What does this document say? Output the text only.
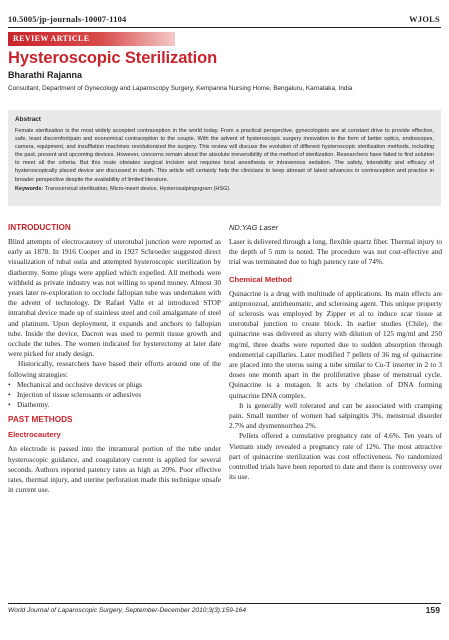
10.5005/jp-journals-10007-1104	WJOLS
REVIEW ARTICLE
Hysteroscopic Sterilization
Bharathi Rajanna
Consultant, Department of Gynecology and Laparoscopy Surgery, Kempanna Nursing Home, Bengaluru, Karnataka, India
Abstract
Female sterilization is the most widely accepted contraception in the world today. From a practical perspective, gynecologists are at constant drive to provide effective, safe, least discomfort/pain and economical contraception to the couple. With the advent of hysteroscopic surgery innovation in the form of better optics, endoscopes, camera, equipment, and insufflation machines revolutionized the surgery. This review will discuss the evolution of different hysteroscopic sterilization methods, including the past, present and upcoming devices. However, concerns remain about the absolute irreversibility of the method of sterilization. Researchers have failed to find solution to meet all the criteria. But this route obviates surgical incision and requires local anesthesia or intravenous sedation. The safety, tolerability and efficacy of hysteroscopically placed device are discussed in depth. This article will certainly help the clinicians to keep abreast of latest advances in contraception and practice in broader perspective despite the availability of limited literature.
Keywords: Transcervical sterilization, Micro-insert device, Hysterosalpingogram (HSG).
INTRODUCTION

Blind attempts of electrocautery of uterotubal junction were reported as early as 1878. In 1916 Cooper and in 1927 Schroeder suggested direct visualization of tubal ostia and attempted hysteroscopic sterilization by diathermy. Some plugs were applied which expelled. All methods were withheld as private industry was not willing to spend money. Almost 30 years later re-exploration to occlude fallopian tube was undertaken with the advent of technology. Dr Rafael Valle et al introduced STOP intratubal device made up of stainless steel and coil amalgamate of steel and platinum. Upon deployment, it expands and anchors to fallopian tube. Inside the device, Dacron was used to permit tissue growth and occlude the tubes. The women indicated for hysterectomy at later date were picked for study design.

Historically, researchers have based their efforts around one of the following strategies:

• Mechanical and occlusive devices or plugs
• Injection of tissue sclerosants or adhesives
• Diathermy.
PAST METHODS
Electrocautery

An electrode is passed into the intramural portion of the tube under hysteroscopic guidance, and coagulatory current is applied for several seconds. Authors reported patency rates as high as 20%. Poor effective rates, thermal injury, and uterine perforation made this technique unsafe in current use.

ND:YAG Laser

Laser is delivered through a long, flexible quartz fiber. Thermal injury to the depth of 5 mm is noted. The procedure was not cost-effective and trial was terminated due to high patency rate of 74%.

Chemical Method

Quinacrine is a drug with multitude of applications. Its main effects are antiprotozoal, antirheumatic, and sclerosing agent. This unique property of sclerosis was employed by Zipper et al to induce scar tissue at uterotubal junction to create block. In earlier studies (Chile), the quinacrine was delivered as slurry with dilution of 125 mg/ml and 250 mg/ml, three deaths were reported due to sudden absorption through endometrial capillaries. Later modified 7 pellets of 36 mg of quinacrine are placed into the uterus using a tube similar to Cu-T inserter in 2 to 3 doses one month apart in the proliferative phase of menstrual cycle. Quinacrine is a mutagen. It acts by chelation of DNA forming quinacrine DNA complex.

It is generally well tolerated and can be associated with cramping pain. Small number of women had salpingitis 3%, menstrual disorder 2.7% and dysmennorrhea 2%.

Pellets offered a cumulative pregnancy rate of 4.6%. Ten years of Vietnam study revealed a pregnancy rate of 12%. The most attractive part of quinacrine sterilization was cost effectiveness. No randomized controlled trials have been reported to date and there is controversy over its use.

World Journal of Laparoscopic Surgery, September-December 2010;3(3):159-164	159
